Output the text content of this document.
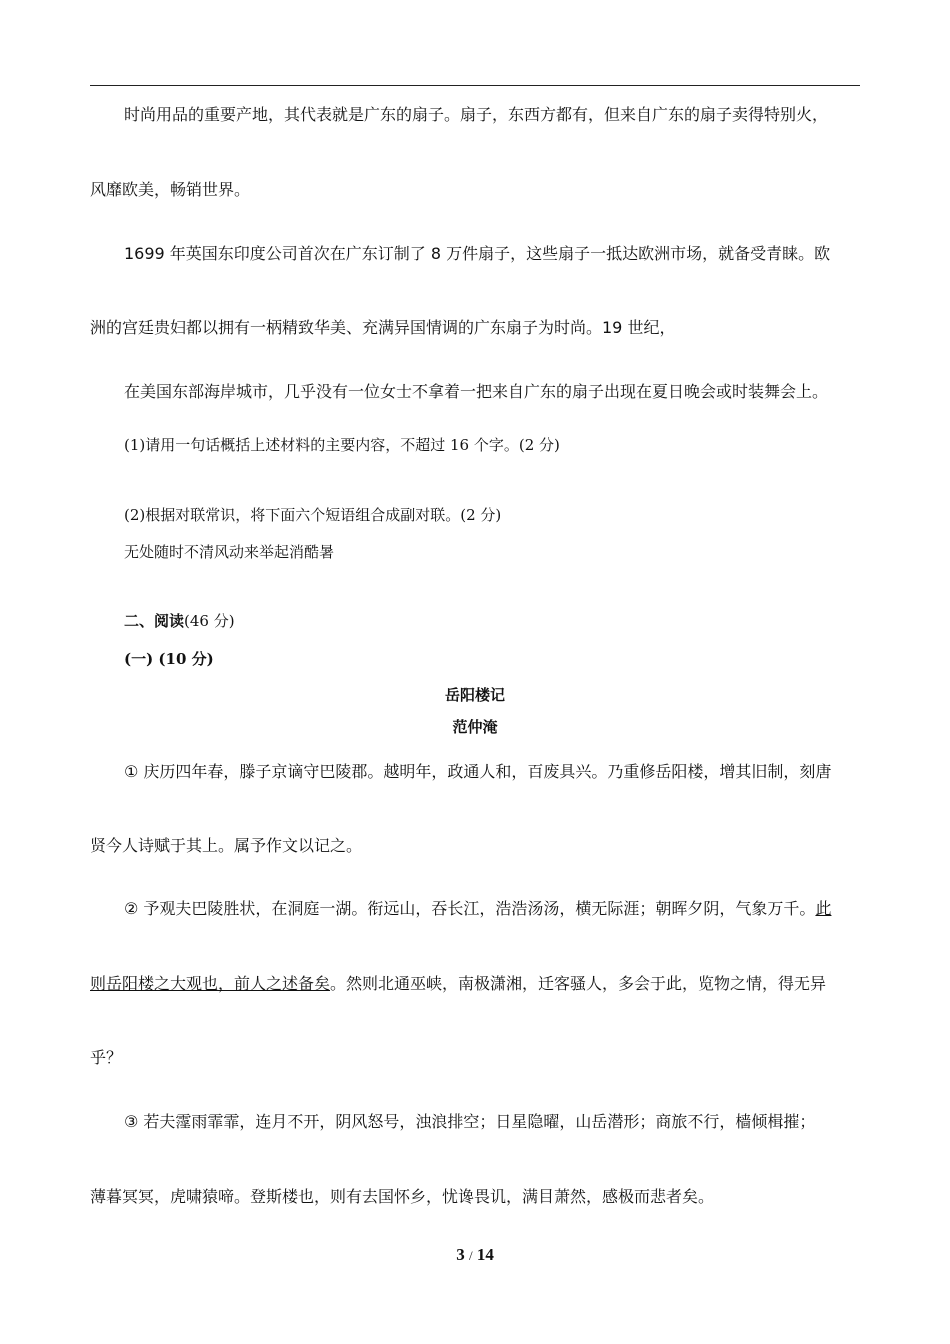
时尚用品的重要产地，其代表就是广东的扇子。扇子，东西方都有，但来自广东的扇子卖得特别火，
风靡欧美，畅销世界。
1699 年英国东印度公司首次在广东订制了 8 万件扇子，这些扇子一抵达欧洲市场，就备受青睐。欧
洲的宫廷贵妇都以拥有一柄精致华美、充满异国情调的广东扇子为时尚。19 世纪，
在美国东部海岸城市，几乎没有一位女士不拿着一把来自广东的扇子出现在夏日晚会或时装舞会上。
(1)请用一句话概括上述材料的主要内容，不超过 16 个字。(2 分)
(2)根据对联常识，将下面六个短语组合成副对联。(2 分)
无处随时不清风动来举起消酷暑
二、阅读(46 分)
(一) (10 分)
岳阳楼记
范仲淹
① 庆历四年春，滕子京谪守巴陵郡。越明年，政通人和，百废具兴。乃重修岳阳楼，增其旧制，刻唐
贤今人诗赋于其上。属予作文以记之。
② 予观夫巴陵胜状，在洞庭一湖。衔远山，吞长江，浩浩汤汤，横无际涯；朝晖夕阴，气象万千。此
则岳阳楼之大观也，前人之述备矣。然则北通巫峡，南极潇湘，迁客骚人，多会于此，览物之情，得无异
乎？
③ 若夫霪雨霏霏，连月不开，阴风怒号，浊浪排空；日星隐曜，山岳潜形；商旅不行，樯倾楫摧；
薄暮冥冥，虎啸猿啼。登斯楼也，则有去国怀乡，忧谗畏讥，满目萧然，感极而悲者矣。
3 / 14
